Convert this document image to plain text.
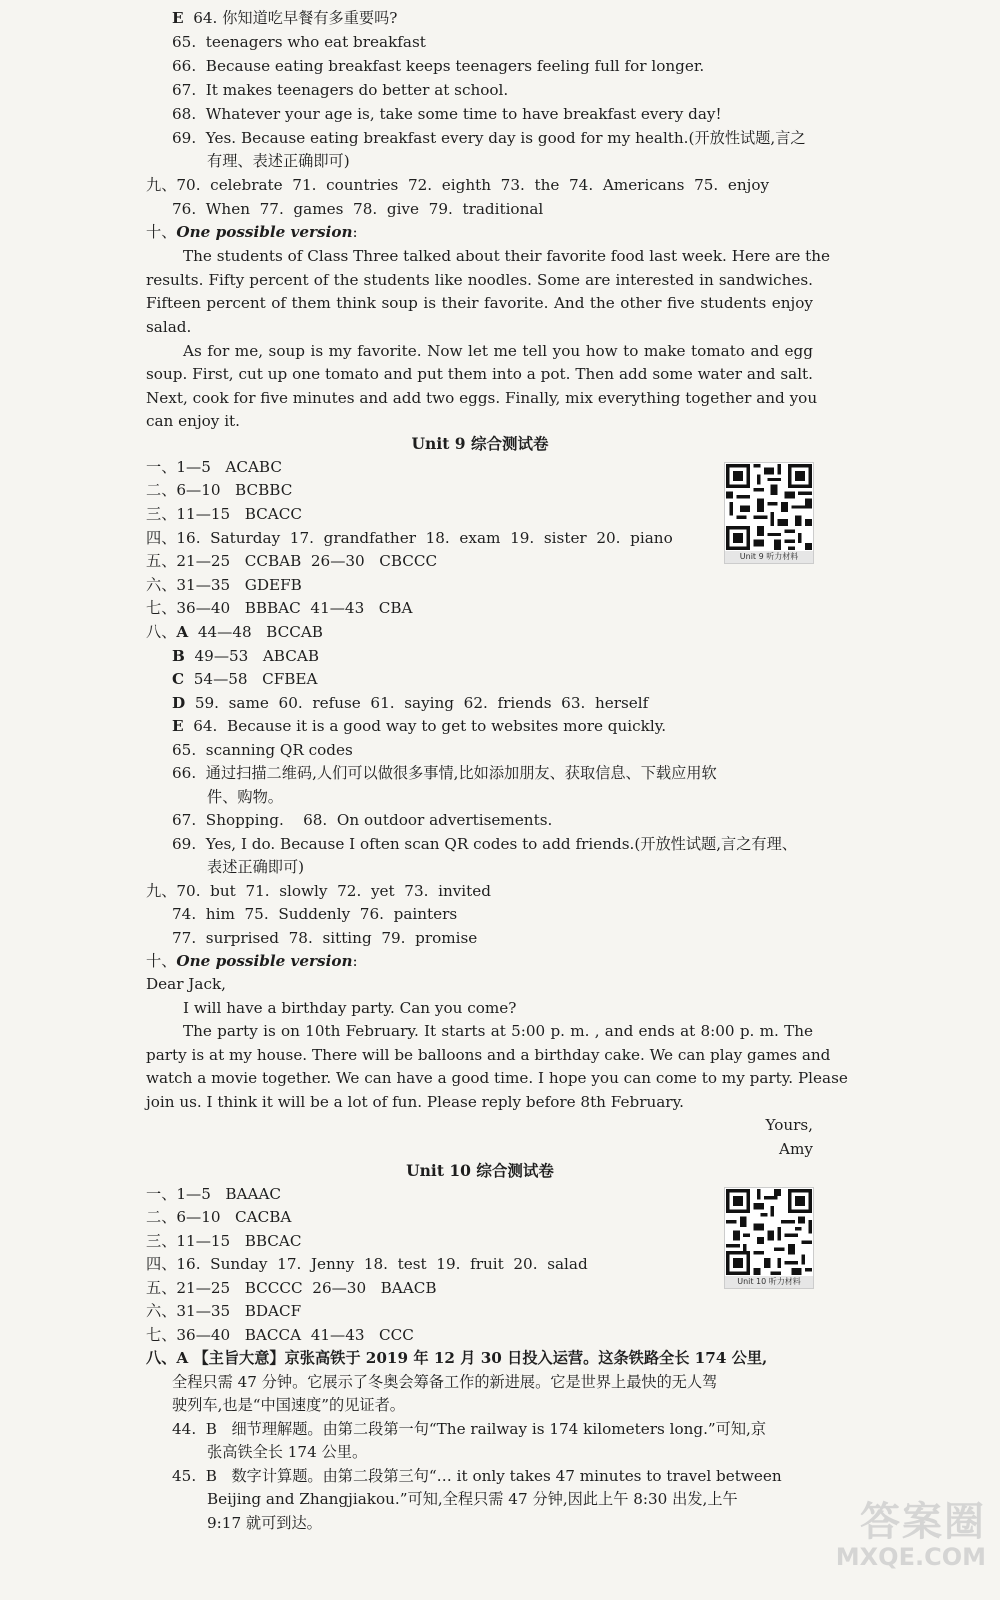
E 64. 你知道吃早餐有多重要吗?
65.  teenagers who eat breakfast
66.  Because eating breakfast keeps teenagers feeling full for longer.
67.  It makes teenagers do better at school.
68.  Whatever your age is, take some time to have breakfast every day!
69.  Yes. Because eating breakfast every day is good for my health.(开放性试题,言之
有理、表述正确即可)
九、70.  celebrate  71.  countries  72.  eighth  73.  the  74.  Americans  75.  enjoy
76.  When  77.  games  78.  give  79.  traditional
十、One possible version:
The students of Class Three talked about their favorite food last week. Here are the
results. Fifty percent of the students like noodles. Some are interested in sandwiches.
Fifteen percent of them think soup is their favorite. And the other five students enjoy
salad.
As for me, soup is my favorite. Now let me tell you how to make tomato and egg
soup. First, cut up one tomato and put them into a pot. Then add some water and salt.
Next, cook for five minutes and add two eggs. Finally, mix everything together and you
can enjoy it.
Unit 9 综合测试卷
Unit 9 听力材料
一、1—5   ACABC
二、6—10   BCBBC
三、11—15   BCACC
四、16.  Saturday  17.  grandfather  18.  exam  19.  sister  20.  piano
五、21—25   CCBAB  26—30   CBCCC
六、31—35   GDEFB
七、36—40   BBBAC  41—43   CBA
八、A 44—48   BCCAB
B 49—53   ABCAB
C 54—58   CFBEA
D 59.  same  60.  refuse  61.  saying  62.  friends  63.  herself
E 64.  Because it is a good way to get to websites more quickly.
65.  scanning QR codes
66.  通过扫描二维码,人们可以做很多事情,比如添加朋友、获取信息、下载应用软
件、购物。
67.  Shopping.    68.  On outdoor advertisements.
69.  Yes, I do. Because I often scan QR codes to add friends.(开放性试题,言之有理、
表述正确即可)
九、70.  but  71.  slowly  72.  yet  73.  invited
74.  him  75.  Suddenly  76.  painters
77.  surprised  78.  sitting  79.  promise
十、One possible version:
Dear Jack,
I will have a birthday party. Can you come?
The party is on 10th February. It starts at 5:00 p. m. , and ends at 8:00 p. m. The
party is at my house. There will be balloons and a birthday cake. We can play games and
watch a movie together. We can have a good time. I hope you can come to my party. Please
join us. I think it will be a lot of fun. Please reply before 8th February.
Yours,
Amy
Unit 10 综合测试卷
Unit 10 听力材料
一、1—5   BAAAC
二、6—10   CACBA
三、11—15   BBCAC
四、16.  Sunday  17.  Jenny  18.  test  19.  fruit  20.  salad
五、21—25   BCCCC  26—30   BAACB
六、31—35   BDACF
七、36—40   BACCA  41—43   CCC
八、A 【主旨大意】京张高铁于 2019 年 12 月 30 日投入运营。这条铁路全长 174 公里,
全程只需 47 分钟。它展示了冬奥会筹备工作的新进展。它是世界上最快的无人驾
驶列车,也是“中国速度”的见证者。
44.  B   细节理解题。由第二段第一句“The railway is 174 kilometers long.”可知,京
张高铁全长 174 公里。
45.  B   数字计算题。由第二段第三句“… it only takes 47 minutes to travel between
Beijing and Zhangjiakou.”可知,全程只需 47 分钟,因此上午 8:30 出发,上午
9:17 就可到达。	答案圈
MXQE.COM
